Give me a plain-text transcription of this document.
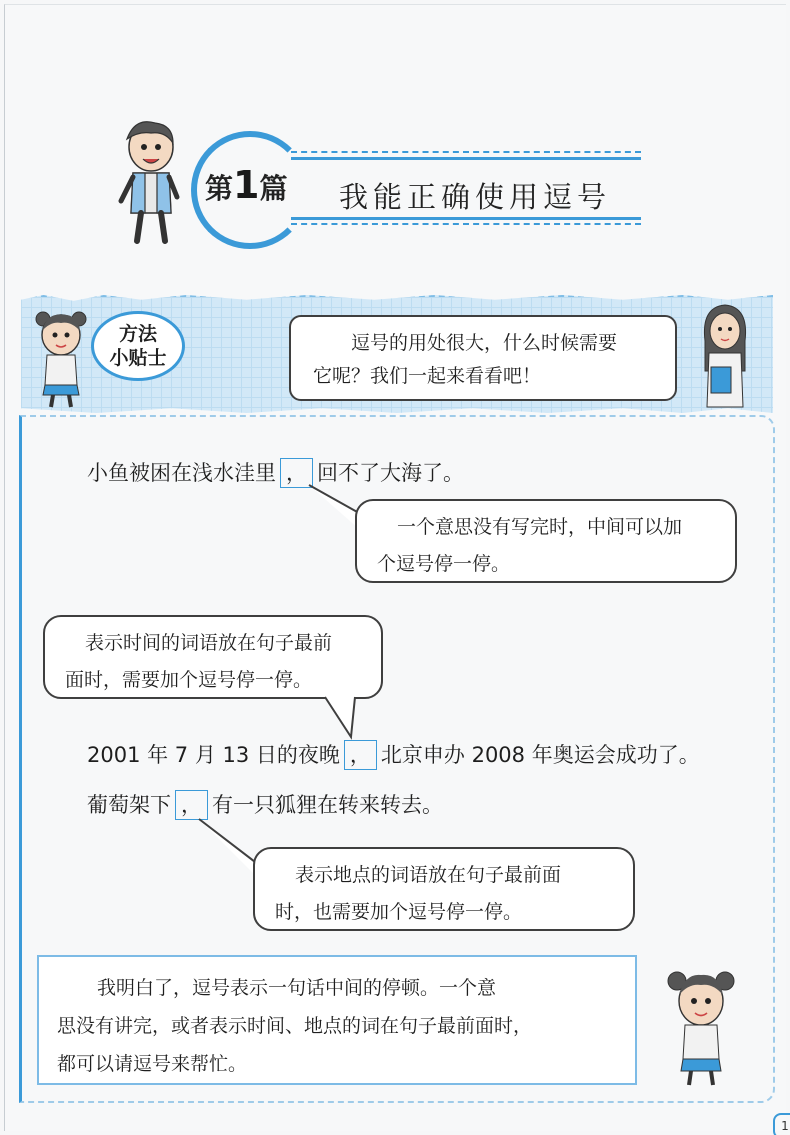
第1篇 我能正确使用逗号
方法
小贴士
逗号的用处很大，什么时候需要
它呢？我们一起来看看吧！
小鱼被困在浅水洼里 ， 回不了大海了。
一个意思没有写完时，中间可以加
个逗号停一停。
表示时间的词语放在句子最前
面时，需要加个逗号停一停。
2001 年 7 月 13 日的夜晚 ， 北京申办 2008 年奥运会成功了。
葡萄架下 ， 有一只狐狸在转来转去。
表示地点的词语放在句子最前面
时，也需要加个逗号停一停。
我明白了，逗号表示一句话中间的停顿。一个意
思没有讲完，或者表示时间、地点的词在句子最前面时，
都可以请逗号来帮忙。
1
